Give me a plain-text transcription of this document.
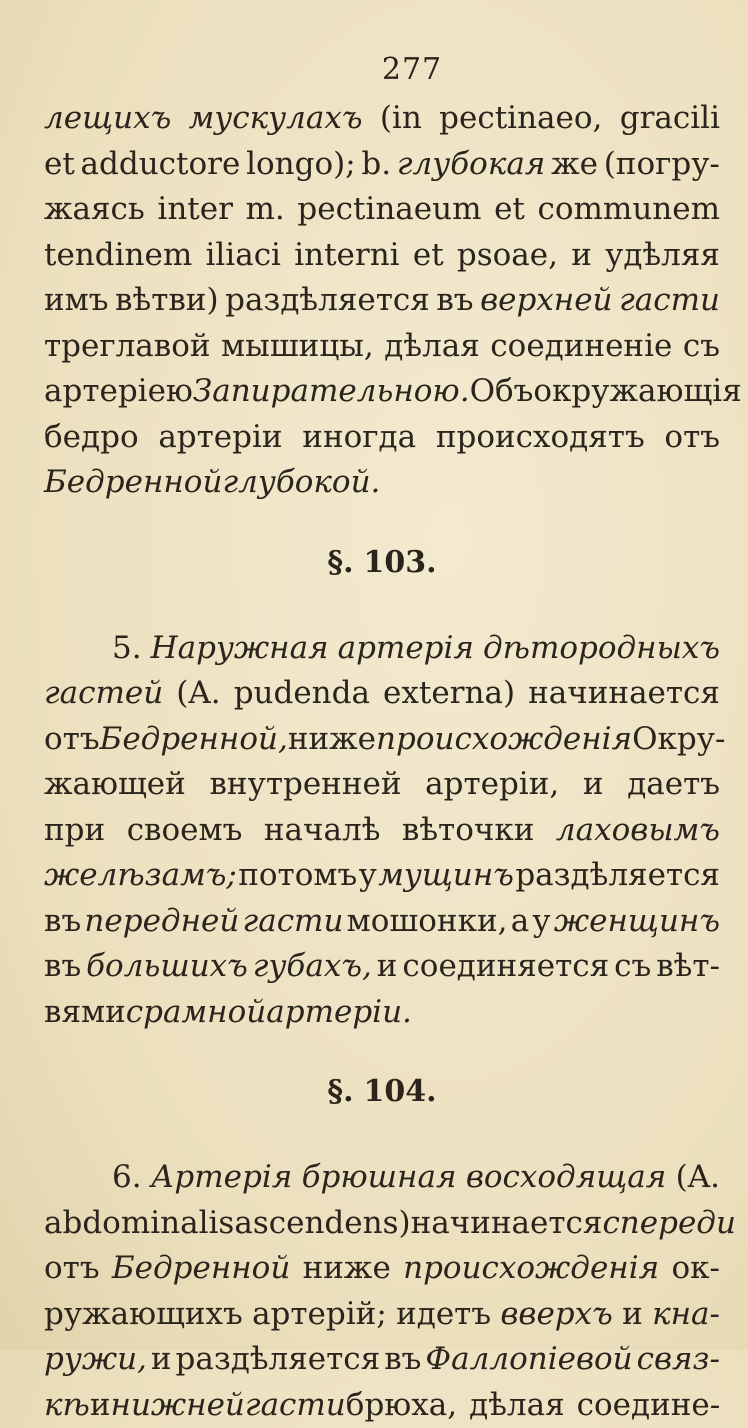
277
лещихъ мускулахъ (in pectinaeo, gracili
et adductore longo); b. глубокая же (погру-
жаясь inter m. pectinaeum et communem
tendinem iliaci interni et psoae, и удѣляя
имъ вѣтви) раздѣляется въ верхней гасти
треглавой мышицы, дѣлая соединеніе съ
артеріею Запирательною. Объ окружающія
бедро артеріи иногда происходятъ отъ
Бедренной глубокой.
§. 103.
5. Наружная артерія дѣтородныхъ
гастей (A. pudenda externa) начинается
отъ Бедренной, ниже происхожденія Окру-
жающей внутренней артеріи, и даетъ
при своемъ началѣ вѣточки лаховымъ
желѣзамъ; потомъ у мущинъ раздѣляется
въ передней гасти мошонки, а у женщинъ
въ большихъ губахъ, и соединяется съ вѣт-
вями срамной артеріи.
§. 104.
6. Артерія брюшная восходящая (A.
abdominalis ascendens) начинается спереди
отъ Бедренной ниже происхожденія ок-
ружающихъ артерій; идетъ вверхъ и кна-
ружи, и раздѣляется въ Фаллопіевой связ-
кѣ и нижней гасти брюха, дѣлая соедине-
